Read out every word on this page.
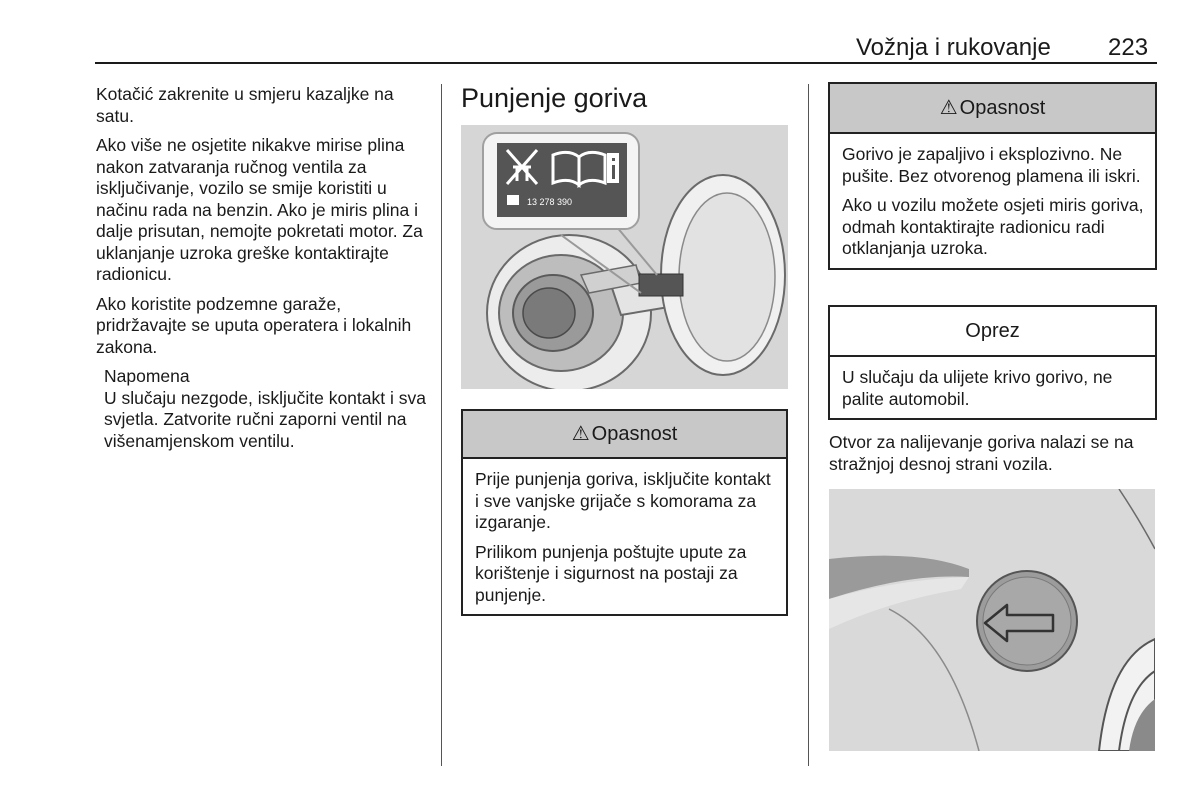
Vožnja i rukovanje 223

Kotačić zakrenite u smjeru kazaljke na satu.

Ako više ne osjetite nikakve mirise plina nakon zatvaranja ručnog ventila za isključivanje, vozilo se smije koristiti u načinu rada na benzin. Ako je miris plina i dalje prisutan, nemojte pokretati motor. Za uklanjanje uzroka greške kontaktirajte radionicu.

Ako koristite podzemne garaže, pridržavajte se uputa operatera i lokalnih zakona.

Napomena
U slučaju nezgode, isključite kontakt i sva svjetla. Zatvorite ručni zaporni ventil na višenamjenskom ventilu.
Punjenje goriva
13 278 390
⚠ Opasnost

Prije punjenja goriva, isključite kontakt i sve vanjske grijače s komorama za izgaranje.

Prilikom punjenja poštujte upute za korištenje i sigurnost na postaji za punjenje.

⚠ Opasnost

Gorivo je zapaljivo i eksplozivno. Ne pušite. Bez otvorenog plamena ili iskri.

Ako u vozilu možete osjeti miris goriva, odmah kontaktirajte radionicu radi otklanjanja uzroka.

Oprez

U slučaju da ulijete krivo gorivo, ne palite automobil.

Otvor za nalijevanje goriva nalazi se na stražnjoj desnoj strani vozila.
